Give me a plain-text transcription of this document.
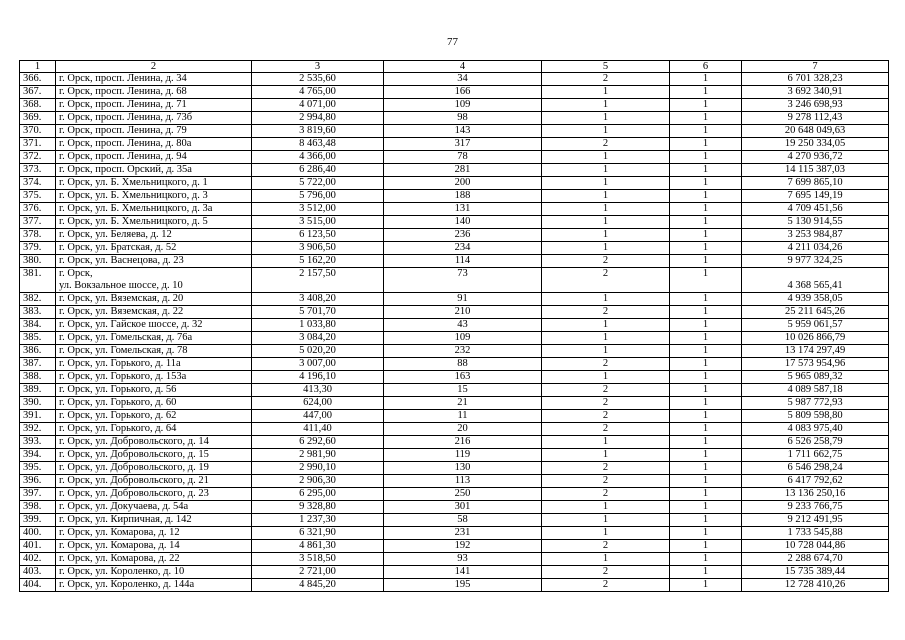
77
1	2	3	4	5	6	7
366.	г. Орск, просп. Ленина, д. 34	2 535,60	34	2	1	6 701 328,23
367.	г. Орск, просп. Ленина, д. 68	4 765,00	166	1	1	3 692 340,91
368.	г. Орск, просп. Ленина, д. 71	4 071,00	109	1	1	3 246 698,93
369.	г. Орск, просп. Ленина, д. 73б	2 994,80	98	1	1	9 278 112,43
370.	г. Орск, просп. Ленина, д. 79	3 819,60	143	1	1	20 648 049,63
371.	г. Орск, просп. Ленина, д. 80а	8 463,48	317	2	1	19 250 334,05
372.	г. Орск, просп. Ленина, д. 94	4 366,00	78	1	1	4 270 936,72
373.	г. Орск, просп. Орский, д. 35а	6 286,40	281	1	1	14 115 387,03
374.	г. Орск, ул. Б. Хмельницкого, д. 1	5 722,00	200	1	1	7 699 865,10
375.	г. Орск, ул. Б. Хмельницкого, д. 3	5 796,00	188	1	1	7 695 149,19
376.	г. Орск, ул. Б. Хмельницкого, д. 3а	3 512,00	131	1	1	4 709 451,56
377.	г. Орск, ул. Б. Хмельницкого, д. 5	3 515,00	140	1	1	5 130 914,55
378.	г. Орск, ул. Беляева, д. 12	6 123,50	236	1	1	3 253 984,87
379.	г. Орск, ул. Братская, д. 52	3 906,50	234	1	1	4 211 034,26
380.	г. Орск, ул. Васнецова, д. 23	5 162,20	114	2	1	9 977 324,25
381.	г. Орск,
ул. Вокзальное шоссе, д. 10	2 157,50	73	2	1	4 368 565,41
382.	г. Орск, ул. Вяземская, д. 20	3 408,20	91	1	1	4 939 358,05
383.	г. Орск, ул. Вяземская, д. 22	5 701,70	210	2	1	25 211 645,26
384.	г. Орск, ул. Гайское шоссе, д. 32	1 033,80	43	1	1	5 959 061,57
385.	г. Орск, ул. Гомельская, д. 76а	3 084,20	109	1	1	10 026 866,79
386.	г. Орск, ул. Гомельская, д. 78	5 020,20	232	1	1	13 174 297,49
387.	г. Орск, ул. Горького, д. 11а	3 007,00	88	2	1	17 573 954,96
388.	г. Орск, ул. Горького, д. 153а	4 196,10	163	1	1	5 965 089,32
389.	г. Орск, ул. Горького, д. 56	413,30	15	2	1	4 089 587,18
390.	г. Орск, ул. Горького, д. 60	624,00	21	2	1	5 987 772,93
391.	г. Орск, ул. Горького, д. 62	447,00	11	2	1	5 809 598,80
392.	г. Орск, ул. Горького, д. 64	411,40	20	2	1	4 083 975,40
393.	г. Орск, ул. Добровольского, д. 14	6 292,60	216	1	1	6 526 258,79
394.	г. Орск, ул. Добровольского, д. 15	2 981,90	119	1	1	1 711 662,75
395.	г. Орск, ул. Добровольского, д. 19	2 990,10	130	2	1	6 546 298,24
396.	г. Орск, ул. Добровольского, д. 21	2 906,30	113	2	1	6 417 792,62
397.	г. Орск, ул. Добровольского, д. 23	6 295,00	250	2	1	13 136 250,16
398.	г. Орск, ул. Докучаева, д. 54а	9 328,80	301	1	1	9 233 766,75
399.	г. Орск, ул. Кирпичная, д. 142	1 237,30	58	1	1	9 212 491,95
400.	г. Орск, ул. Комарова, д. 12	6 321,90	231	1	1	1 733 545,88
401.	г. Орск, ул. Комарова, д. 14	4 861,30	192	2	1	10 728 044,86
402.	г. Орск, ул. Комарова, д. 22	3 518,50	93	1	1	2 288 674,70
403.	г. Орск, ул. Короленко, д. 10	2 721,00	141	2	1	15 735 389,44
404.	г. Орск, ул. Короленко, д. 144а	4 845,20	195	2	1	12 728 410,26
